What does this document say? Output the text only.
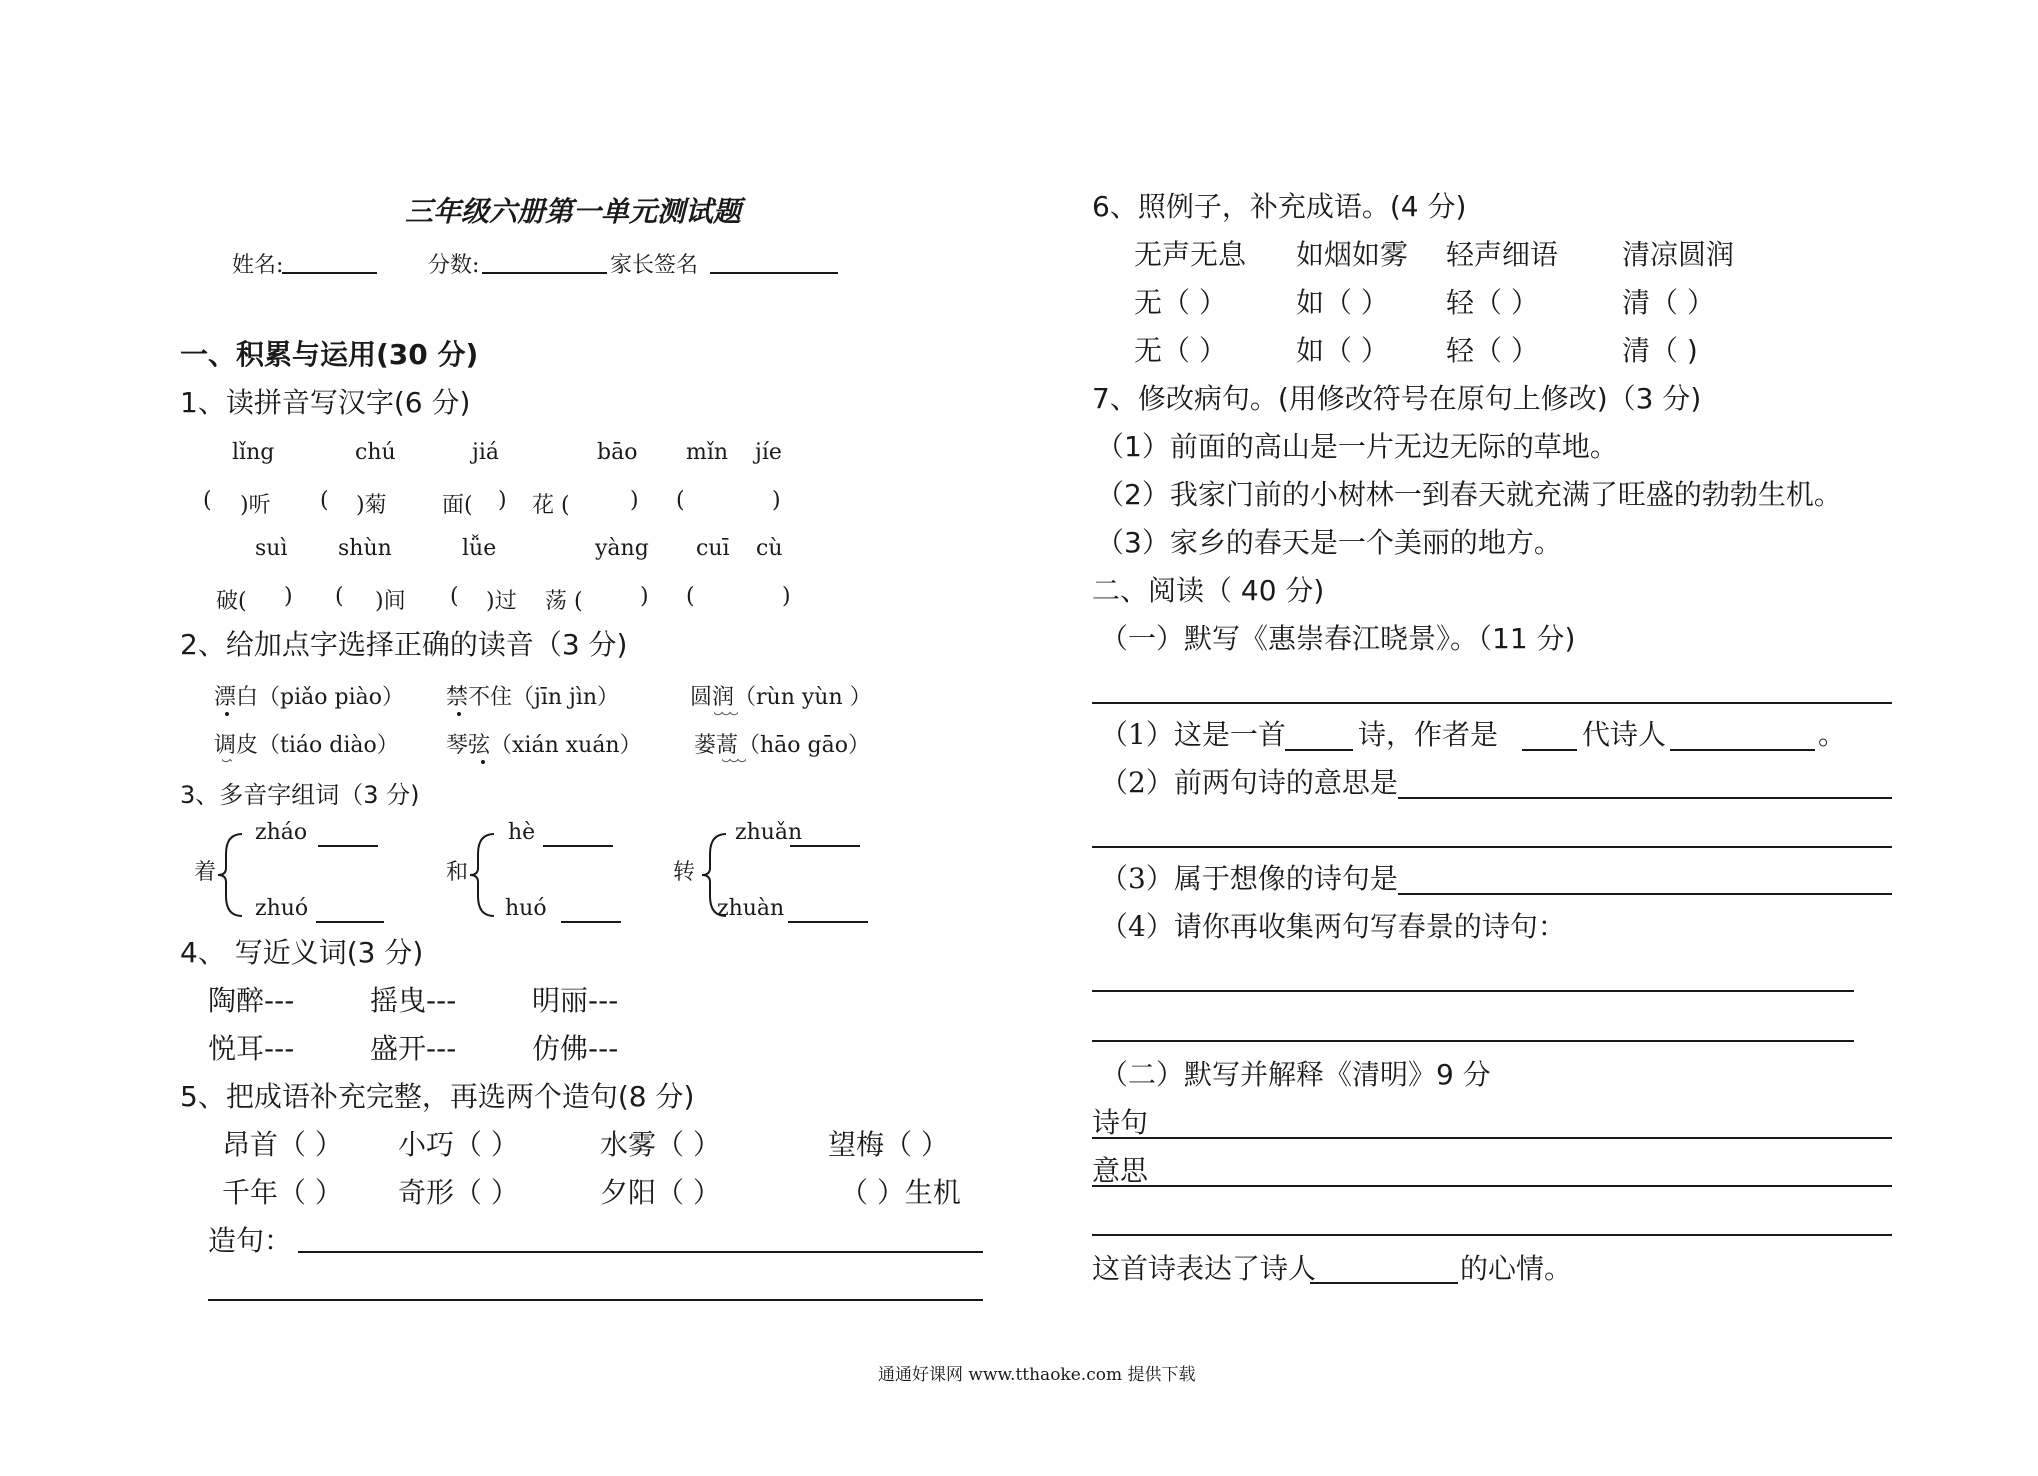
三年级六册第一单元测试题
姓名:	分数:	家长签名
一、积累与运用(30 分)
1、读拼音写汉字(6 分)
lǐng	chú	jiá	bāo mǐn jíe
( )听 ( )菊	面( ) 花 (	) (	)
suì shùn	lǚe	yàng cuī cù
破( ) ( )间 ( )过 荡 (	) (	)
2、给加点字选择正确的读音（3 分)
漂白（piǎo piào） 禁不住（jīn jìn）	圆润（rùn yùn ）
调皮（tiáo diào） 琴弦（xián xuán） 蒌蒿（hāo gāo）
3、多音字组词（3 分)
着
zháo
zhuó
和
hè
huó
转
zhuǎn
zhuàn
4、 写近义词(3 分)
陶醉---	摇曳---	明丽---
悦耳---	盛开---	仿佛---
5、把成语补充完整，再选两个造句(8 分)
昂首（ ） 小巧（ ）	水雾（ ）	望梅（ ）
千年（ ） 奇形（ ）	夕阳（ ）	（ ）生机
造句：
6、照例子，补充成语。(4 分)
无声无息 如烟如雾 轻声细语 清凉圆润
无（ ） 如（ ） 轻（ ）	清（ ）
无（ ） 如（ ） 轻（ ）	清（ )
7、修改病句。(用修改符号在原句上修改)（3 分)
（1）前面的高山是一片无边无际的草地。
（2）我家门前的小树林一到春天就充满了旺盛的勃勃生机。
（3）家乡的春天是一个美丽的地方。
二、阅读（ 40 分)
（一）默写《惠崇春江晓景》。（11 分)
（1）这是一首	诗，作者是	代诗人	。
（2）前两句诗的意思是
（3）属于想像的诗句是
（4）请你再收集两句写春景的诗句：
（二）默写并解释《清明》9 分
诗句
意思
这首诗表达了诗人	的心情。
通通好课网 www.tthaoke.com 提供下载
